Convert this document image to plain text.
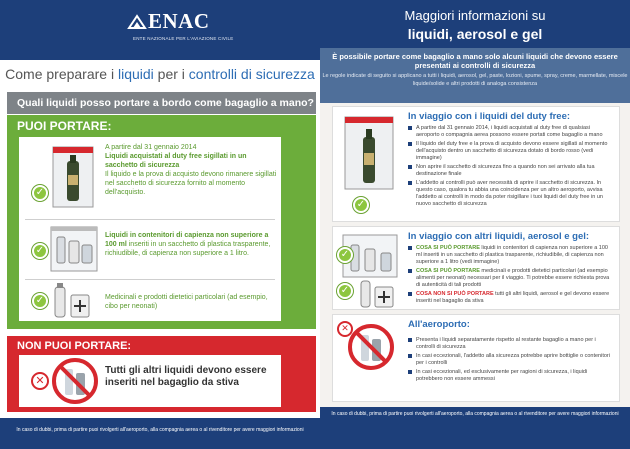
ENAC
ENTE NAZIONALE PER L'AVIAZIONE CIVILE
Come preparare i liquidi per i controlli di sicurezza
Quali liquidi posso portare a bordo come bagaglio a mano?
PUOI PORTARE:
✓
A partire dal 31 gennaio 2014
Liquidi acquistati al duty free sigillati in un sacchetto di sicurezza
Il liquido e la prova di acquisto devono rimanere sigillati nel sacchetto di sicurezza fornito al momento dell'acquisto.
✓
Liquidi in contenitori di capienza non superiore a 100 ml inseriti in un sacchetto di plastica trasparente, richiudibile, di capienza non superiore a 1 litro.
✓	Medicinali e prodotti dietetici particolari (ad esempio, cibo per neonati)
NON PUOI PORTARE:
✕
Tutti gli altri liquidi devono essere inseriti nel bagaglio da stiva
In caso di dubbi, prima di partire puoi rivolgerti all'aeroporto, alla compagnia aerea o al rivenditore per avere maggiori informazioni
Maggiori informazioni su
liquidi, aerosol e gel
È possibile portare come bagaglio a mano solo alcuni liquidi che devono essere presentati ai controlli di sicurezza
Le regole indicate di seguito si applicano a tutti i liquidi, aerosol, gel, paste, lozioni, spume, spray, creme, marmellate, miscele liquide/solide e altri prodotti di analoga consistenza
✓
In viaggio con i liquidi del duty free:
A partire dal 31 gennaio 2014, i liquidi acquistati al duty free di qualsiasi aeroporto o compagnia aerea possono essere portati come bagaglio a mano
Il liquido del duty free e la prova di acquisto devono essere sigillati al momento dell'acquisto dentro un sacchetto di sicurezza dotato di bordo rosso (vedi immagine)
Non aprire il sacchetto di sicurezza fino a quando non sei arrivato alla tua destinazione finale
L'addetto ai controlli può aver necessità di aprire il sacchetto di sicurezza. In questo caso, qualora tu abbia una coincidenza per un altro aeroporto, avvisa l'addetto ai controlli in modo da poter risigillare i tuoi liquidi del duty free in un nuovo sacchetto di sicurezza
✓
✓
In viaggio con altri liquidi, aerosol e gel:
COSA SI PUÒ PORTARE liquidi in contenitori di capienza non superiore a 100 ml inseriti in un sacchetto di plastica trasparente, richiudibile, di capienza non superiore a 1 litro (vedi immagine)
COSA SI PUÒ PORTARE medicinali e prodotti dietetici particolari (ad esempio alimenti per neonati) necessari per il viaggio. Ti potrebbe essere richiesta prova di autenticità di tali prodotti
COSA NON SI PUÒ PORTARE tutti gli altri liquidi, aerosol e gel devono essere inseriti nel bagaglio da stiva
✕	All'aeroporto:
Presenta i liquidi separatamente rispetto al restante bagaglio a mano per i controlli di sicurezza
In casi eccezionali, l'addetto alla sicurezza potrebbe aprire bottiglie o contenitori per i controlli
In casi eccezionali, ed esclusivamente per ragioni di sicurezza, i liquidi potrebbero non essere ammessi
In caso di dubbi, prima di partire puoi rivolgerti all'aeroporto, alla compagnia aerea o al rivenditore per avere maggiori informazioni
